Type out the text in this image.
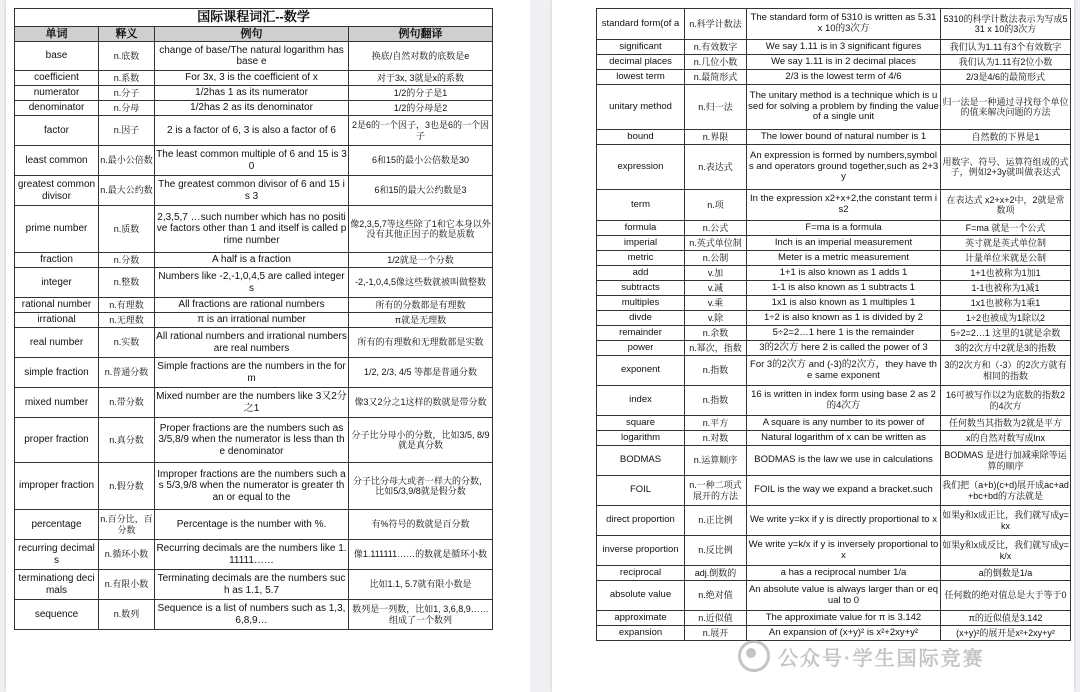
国际课程词汇--数学			
单词	释义	例句	例句翻译
base	n.底数	change of base/The natural logarithm has base e	换底/自然对数的底数是e
coefficient	n.系数	For 3x, 3 is the coefficient of x	对于3x, 3就是x的系数
numerator	n.分子	1/2has 1 as its numerator	1/2的分子是1
denominator	n.分母	1/2has 2 as its denominator	1/2的分母是2
factor	n.因子	2 is a factor of 6, 3 is also a factor of 6	2是6的一个因子，3也是6的一个因子
least common	n.最小公倍数	The least common multiple of 6 and 15 is 30	6和15的最小公倍数是30
greatest common divisor	n.最大公约数	The greatest common divisor of 6 and 15 is 3	6和15的最大公约数是3
prime number	n.质数	2,3,5,7 …such number which has no positive factors other than 1 and itself is called prime number	像2,3,5,7等这些除了1和它本身以外没有其他正因子的数是质数
fraction	n.分数	A half is a fraction	1/2就是一个分数
integer	n.整数	Numbers like -2,-1,0,4,5 are called integers	-2,-1,0,4,5像这些数就被叫做整数
rational number	n.有理数	All fractions are rational numbers	所有的分数都是有理数
irrational	n.无理数	π is an irrational number	π就是无理数
real number	n.实数	All rational numbers and irrational numbers are real numbers	所有的有理数和无理数都是实数
simple fraction	n.普通分数	Simple fractions are the numbers in the form	1/2, 2/3, 4/5 等都是普通分数
mixed number	n.带分数	Mixed number are the numbers like 3又2分之1	像3又2分之1这样的数就是带分数
proper fraction	n.真分数	Proper fractions are the numbers such as 3/5,8/9 when the numerator is less than the denominator	分子比分母小的分数，比如3/5, 8/9就是真分数
improper fraction	n.假分数	Improper fractions are the numbers such as 5/3,9/8 when the numerator is greater than or equal to the	分子比分母大或者一样大的分数，比如5/3,9/8就是假分数
percentage	n.百分比，百分数	Percentage is the number with %.	有%符号的数就是百分数
recurring decimals	n.循环小数	Recurring decimals are the numbers like 1.11111……	像1.111111……的数就是循环小数
terminationg decimals	n.有限小数	Terminating decimals are the numbers such as 1.1, 5.7	比如1.1, 5.7就有限小数是
sequence	n.数列	Sequence is a list of numbers such as 1,3,6,8,9…	数列是一列数，比如1, 3,6,8,9……组成了一个数列
standard form(of a	n.科学计数法	The standard form of 5310 is written as 5.31 x 10的3次方	5310的科学计数法表示为写成531 x 10的3次方
significant	n.有效数字	We say 1.11 is in 3 significant figures	我们认为1.11有3个有效数字
decimal places	n.几位小数	We say 1.11 is in 2 decimal places	我们认为1.11有2位小数
lowest term	n.最简形式	2/3 is the lowest term of 4/6	2/3是4/6的最简形式
unitary method	n.归一法	The unitary method is a technique which is used for solving a problem by finding the value of a single unit	归一法是一种通过寻找每个单位的值来解决问题的方法
bound	n.界限	The lower bound of natural number is 1	自然数的下界是1
expression	n.表达式	An expression is formed by numbers,symbols and operators ground together,such as 2+3y	用数字、符号、运算符组成的式子，例如2+3y就叫做表达式
term	n.项	In the expression x2+x+2,the constant term is2	在表达式 x2+x+2中，2就是常数项
formula	n.公式	F=ma is a formula	F=ma 就是一个公式
imperial	n.英式单位制	Inch is an imperial measurement	英寸就是英式单位制
metric	n.公制	Meter is a metric measurement	计量单位米就是公制
add	v.加	1+1 is also known as 1 adds 1	1+1也被称为1加1
subtracts	v.减	1-1 is also known as 1 subtracts 1	1-1也被称为1减1
multiples	v.乘	1x1 is also known as 1 multiples 1	1x1也被称为1乘1
divde	v.除	1÷2 is also known as 1 is divided by 2	1÷2也被成为1除以2
remainder	n.余数	5÷2=2…1 here 1 is the remainder	5÷2=2…1 这里的1就是余数
power	n.幂次，指数	3的2次方 here 2 is called the power of 3	3的2次方中2就是3的指数
exponent	n.指数	For 3的2次方 and (-3)的2次方，they have the same exponent	3的2次方和（-3）的2次方就有相同的指数
index	n.指数	16 is written in index form using base 2 as 2的4次方	16可被写作以2为底数的指数2的4次方
square	n.平方	A square is any number to its power of	任何数当其指数为2就是平方
logarithm	n.对数	Natural logarithm of x can be written as	x的自然对数写成lnx
BODMAS	n.运算顺序	BODMAS is the law we use in calculations	BODMAS 是进行加减乘除等运算的顺序
FOIL	n.一种二项式展开的方法	FOIL is the way we expand a bracket.such	我们把（a+b)(c+d)展开成ac+ad+bc+bd的方法就是
direct proportion	n.正比例	We write y=kx if y is directly proportional to x	如果y和x成正比，我们就写成y=kx
inverse proportion	n.反比例	We write y=k/x if y is inversely proportional to x	如果y和x成反比，我们就写成y=k/x
reciprocal	adj.倒数的	a has a reciprocal number 1/a	a的倒数是1/a
absolute value	n.绝对值	An absolute value is always larger than or equal to 0	任何数的绝对值总是大于等于0
approximate	n.近似值	The approximate value for π is 3.142	π的近似值是3.142
expansion	n.展开	An expansion of (x+y)² is x²+2xy+y²	(x+y)²的展开是x²+2xy+y²
公众号·学生国际竞赛
